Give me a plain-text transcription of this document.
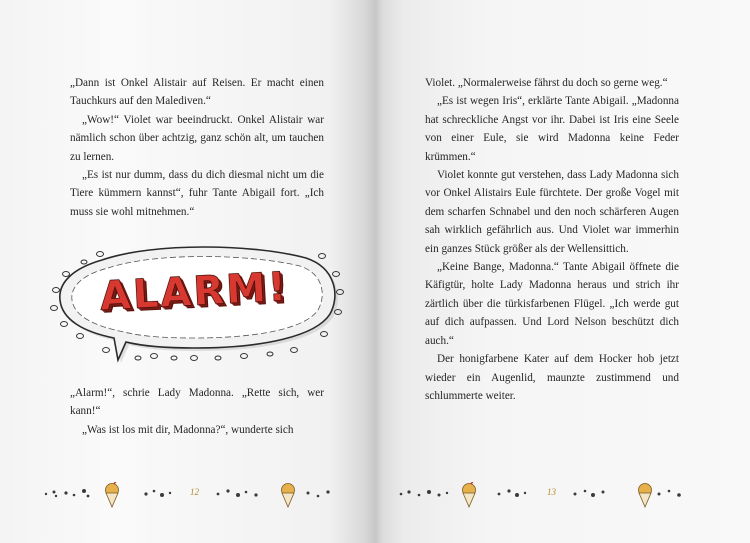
„Dann ist Onkel Alistair auf Reisen. Er macht einen Tauchkurs auf den Malediven.“

„Wow!“ Violet war beeindruckt. Onkel Alistair war nämlich schon über achtzig, ganz schön alt, um tauchen zu lernen.

„Es ist nur dumm, dass du dich diesmal nicht um die Tiere kümmern kannst“, fuhr Tante Abigail fort. „Ich muss sie wohl mitnehmen.“

ALARM!

„Alarm!“, schrie Lady Madonna. „Rette sich, wer kann!“

„Was ist los mit dir, Madonna?“, wunderte sich

12

Violet. „Normalerweise fährst du doch so gerne weg.“

„Es ist wegen Iris“, erklärte Tante Abigail. „Madonna hat schreckliche Angst vor ihr. Dabei ist Iris eine Seele von einer Eule, sie wird Madonna keine Feder krümmen.“

Violet konnte gut verstehen, dass Lady Madonna sich vor Onkel Alistairs Eule fürchtete. Der große Vogel mit dem scharfen Schnabel und den noch schärferen Augen sah wirklich gefährlich aus. Und Violet war immerhin ein ganzes Stück größer als der Wellensittich.

„Keine Bange, Madonna.“ Tante Abigail öffnete die Käfigtür, holte Lady Madonna heraus und strich ihr zärtlich über die türkisfarbenen Flügel. „Ich werde gut auf dich aufpassen. Und Lord Nelson beschützt dich auch.“

Der honigfarbene Kater auf dem Hocker hob jetzt wieder ein Augenlid, maunzte zustimmend und schlummerte weiter.

13
